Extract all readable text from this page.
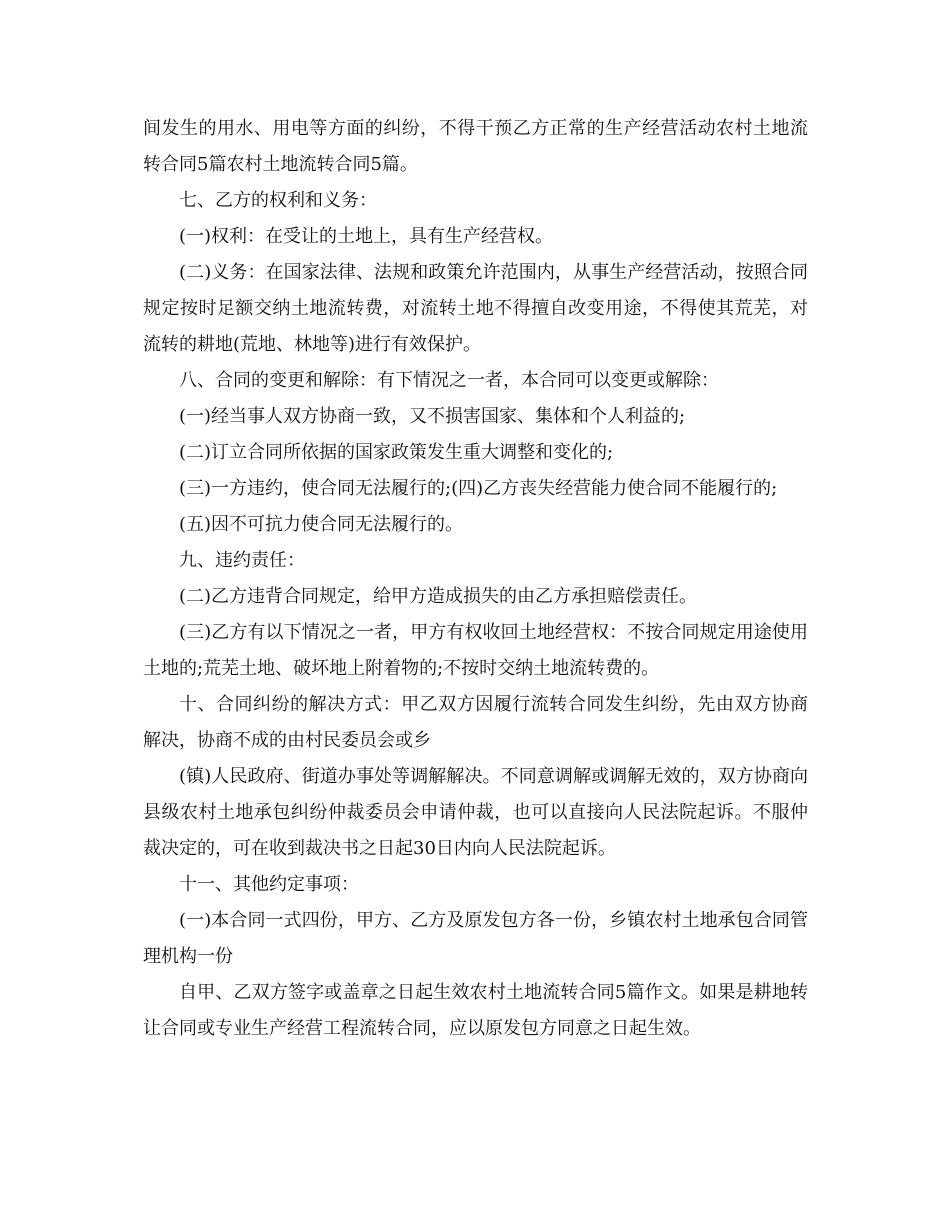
间发生的用水、用电等方面的纠纷，不得干预乙方正常的生产经营活动农村土地流转合同5篇农村土地流转合同5篇。

七、乙方的权利和义务：

(一)权利：在受让的土地上，具有生产经营权。

(二)义务：在国家法律、法规和政策允许范围内，从事生产经营活动，按照合同规定按时足额交纳土地流转费，对流转土地不得擅自改变用途，不得使其荒芜，对流转的耕地(荒地、林地等)进行有效保护。

八、合同的变更和解除：有下情况之一者，本合同可以变更或解除：

(一)经当事人双方协商一致，又不损害国家、集体和个人利益的;

(二)订立合同所依据的国家政策发生重大调整和变化的;

(三)一方违约，使合同无法履行的;(四)乙方丧失经营能力使合同不能履行的;

(五)因不可抗力使合同无法履行的。

九、违约责任：

(二)乙方违背合同规定，给甲方造成损失的由乙方承担赔偿责任。

(三)乙方有以下情况之一者，甲方有权收回土地经营权：不按合同规定用途使用土地的;荒芜土地、破坏地上附着物的;不按时交纳土地流转费的。

十、合同纠纷的解决方式：甲乙双方因履行流转合同发生纠纷，先由双方协商解决，协商不成的由村民委员会或乡

(镇)人民政府、街道办事处等调解解决。不同意调解或调解无效的，双方协商向县级农村土地承包纠纷仲裁委员会申请仲裁，也可以直接向人民法院起诉。不服仲裁决定的，可在收到裁决书之日起30日内向人民法院起诉。

十一、其他约定事项：

(一)本合同一式四份，甲方、乙方及原发包方各一份，乡镇农村土地承包合同管理机构一份

自甲、乙双方签字或盖章之日起生效农村土地流转合同5篇作文。如果是耕地转让合同或专业生产经营工程流转合同，应以原发包方同意之日起生效。
